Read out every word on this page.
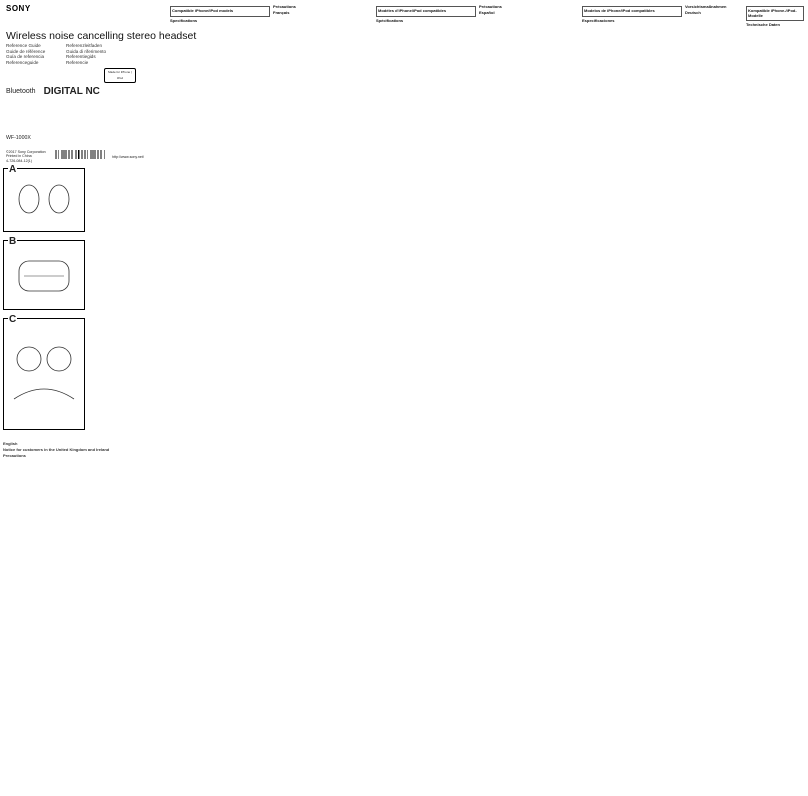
SONY
Wireless noise cancelling stereo headset
Reference Guide	Referenzleitfaden
Guide de référence	Guida di riferimento
Guía de referencia	Referentiegids
Referenceguide	Referencie
Made for iPhone | iPod
Bluetooth DIGITAL NC
WF-1000X
©2017 Sony Corporation
Printed in China
4-726-084-12(1)
http://www.sony.net/
A
B
C
English
Notice for customers in the United Kingdom and Ireland
Precautions
Compatible iPhone/iPod models
Specifications
Précautions
Français	Modèles d'iPhone/iPod compatibles
Spécifications
Précautions
Español	Modelos de iPhone/iPod compatibles
Especificaciones
Vorsichtsmaßnahmen
Deutsch	Kompatible iPhone-/iPod-Modelle
Technische Daten
